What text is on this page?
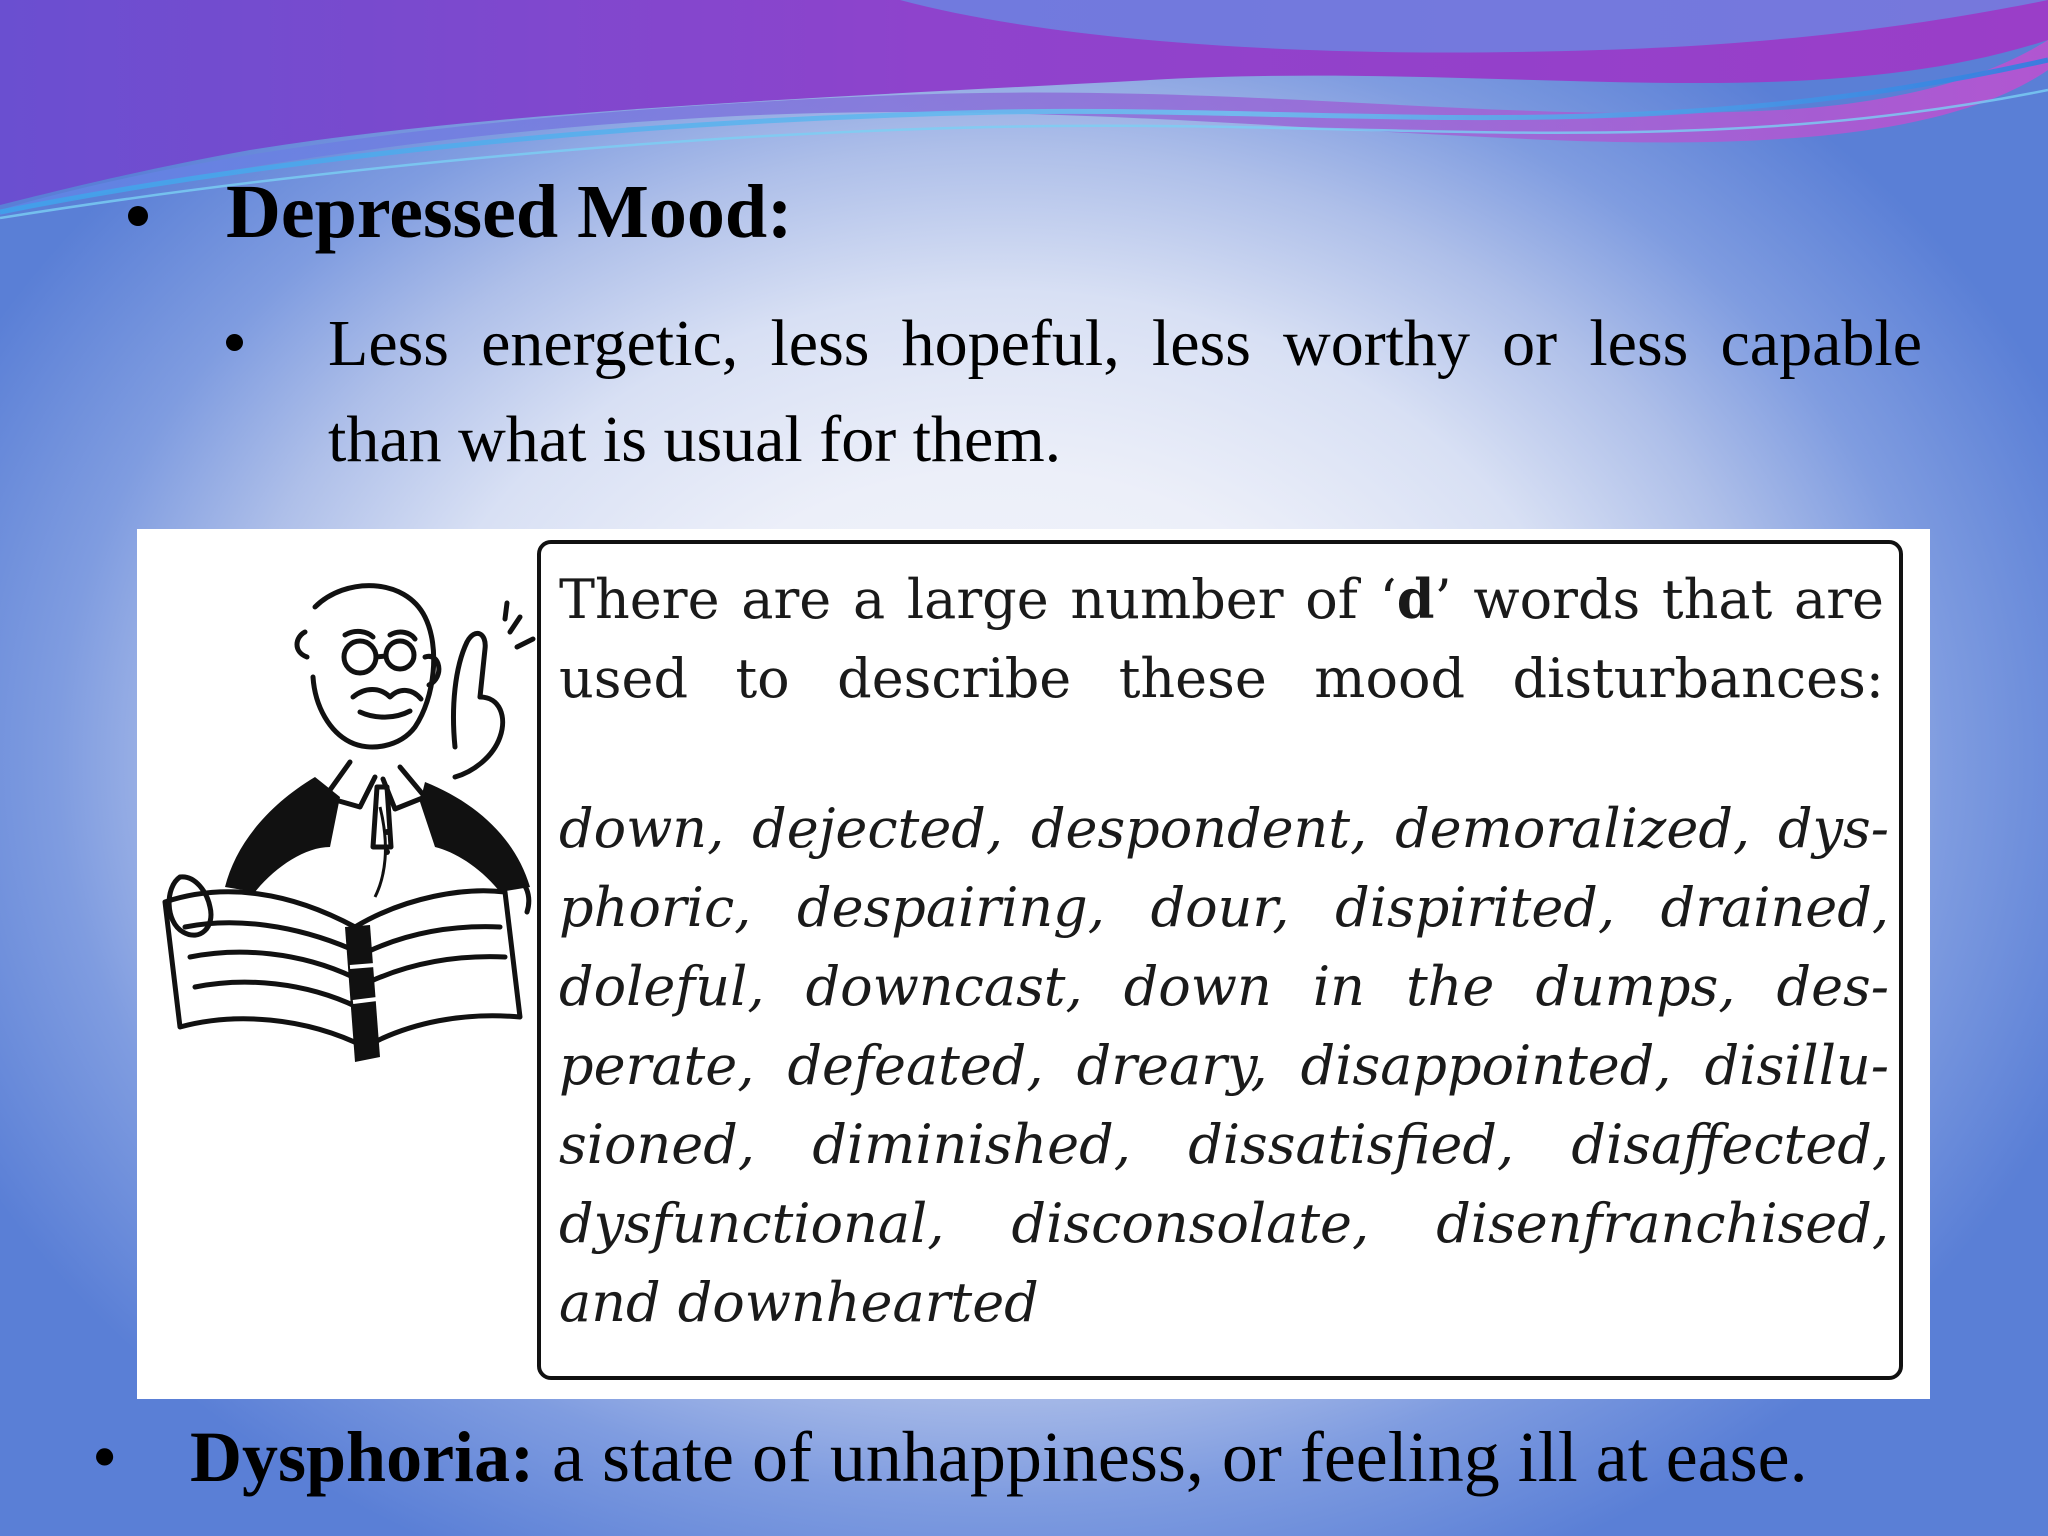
Depressed Mood:
Less energetic, less hopeful, less worthy or less capable than what is usual for them.
There are a large number of ‘d’ words that are used to describe these mood disturbances:
down, dejected, despondent, demoralized, dys-phoric, despairing, dour, dispirited, drained, doleful, downcast, down in the dumps, des-perate, defeated, dreary, disappointed, disillu-sioned, diminished, dissatisfied, disaffected, dysfunctional, disconsolate, disenfranchised, and downhearted
• Dysphoria: a state of unhappiness, or feeling ill at ease.
